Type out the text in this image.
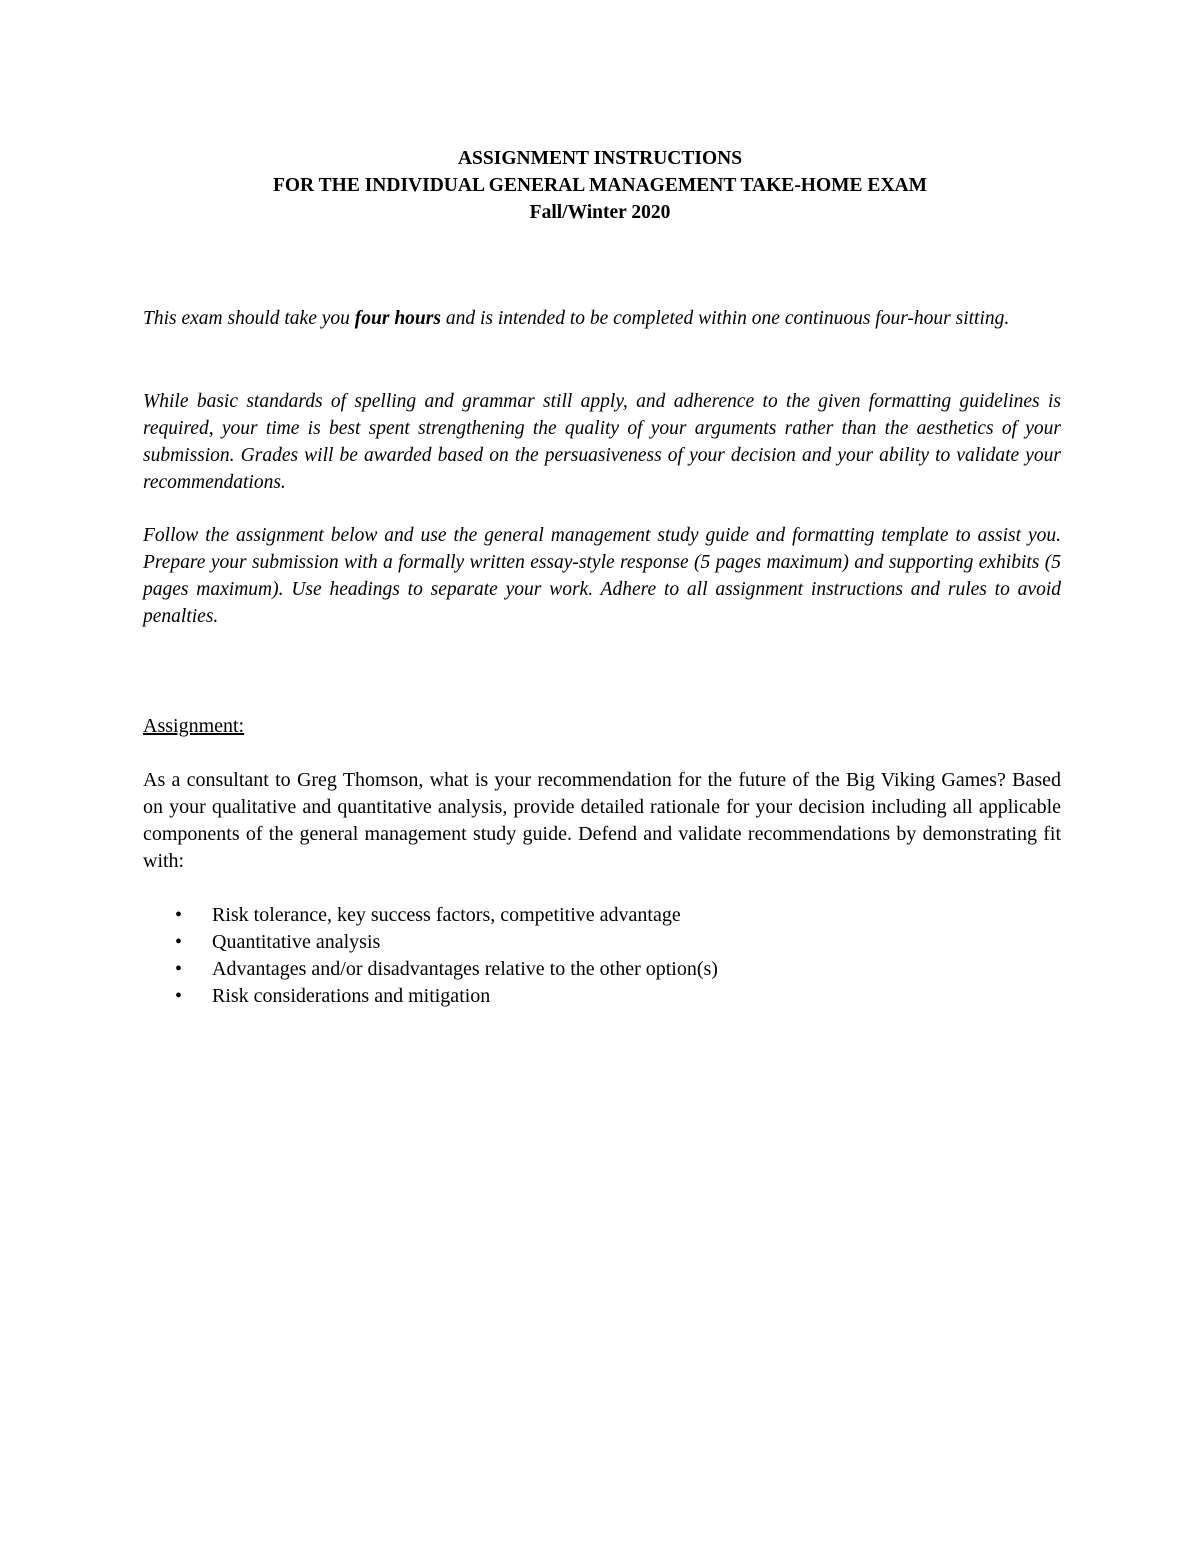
ASSIGNMENT INSTRUCTIONS
FOR THE INDIVIDUAL GENERAL MANAGEMENT TAKE-HOME EXAM
Fall/Winter 2020

This exam should take you four hours and is intended to be completed within one continuous four-hour sitting.

While basic standards of spelling and grammar still apply, and adherence to the given formatting guidelines is required, your time is best spent strengthening the quality of your arguments rather than the aesthetics of your submission. Grades will be awarded based on the persuasiveness of your decision and your ability to validate your recommendations.

Follow the assignment below and use the general management study guide and formatting template to assist you. Prepare your submission with a formally written essay-style response (5 pages maximum) and supporting exhibits (5 pages maximum). Use headings to separate your work. Adhere to all assignment instructions and rules to avoid penalties.

Assignment:

As a consultant to Greg Thomson, what is your recommendation for the future of the Big Viking Games? Based on your qualitative and quantitative analysis, provide detailed rationale for your decision including all applicable components of the general management study guide. Defend and validate recommendations by demonstrating fit with:

• Risk tolerance, key success factors, competitive advantage
• Quantitative analysis
• Advantages and/or disadvantages relative to the other option(s)
• Risk considerations and mitigation
